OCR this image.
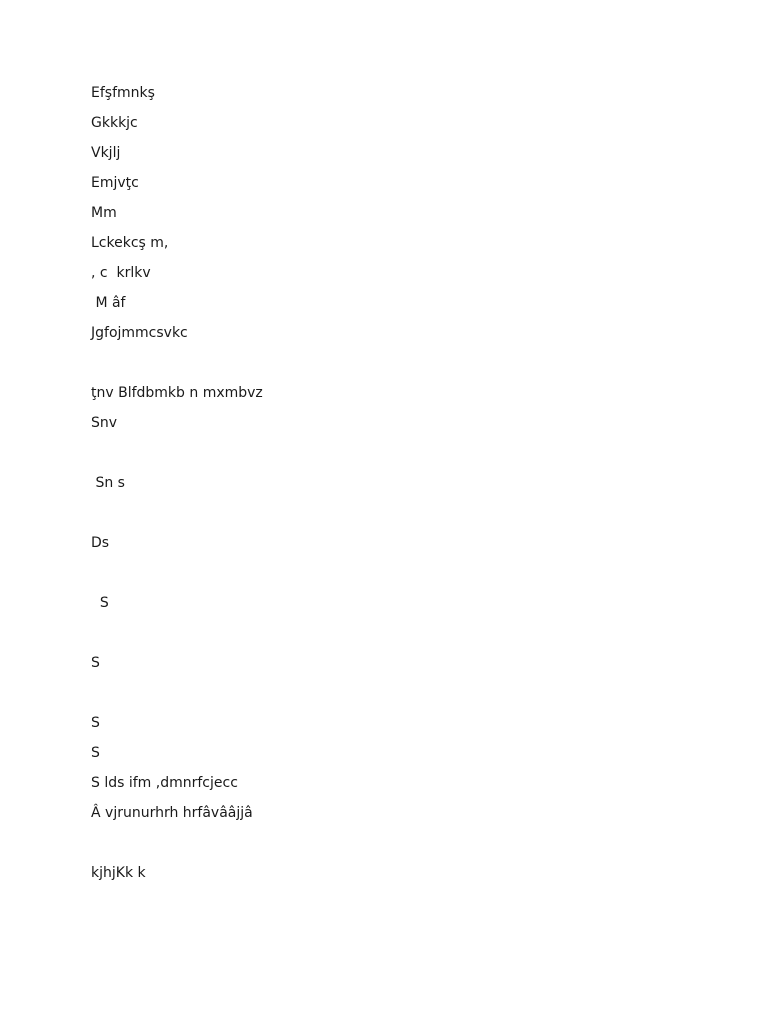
Efşfmnkş
Gkkkjc
Vkjlj
Emjvţc
Mm
Lckekcş m,
, c  krlkv
M âf
Jgfojmmcsvkc
ţnv Blfdbmkb n mxmbvz
Snv
Sn s
Ds
S
S
S
S
S lds ifm ,dmnrfcjecc
Â vjrunurhrh hrfâvââjjâ
kjhjKk k
